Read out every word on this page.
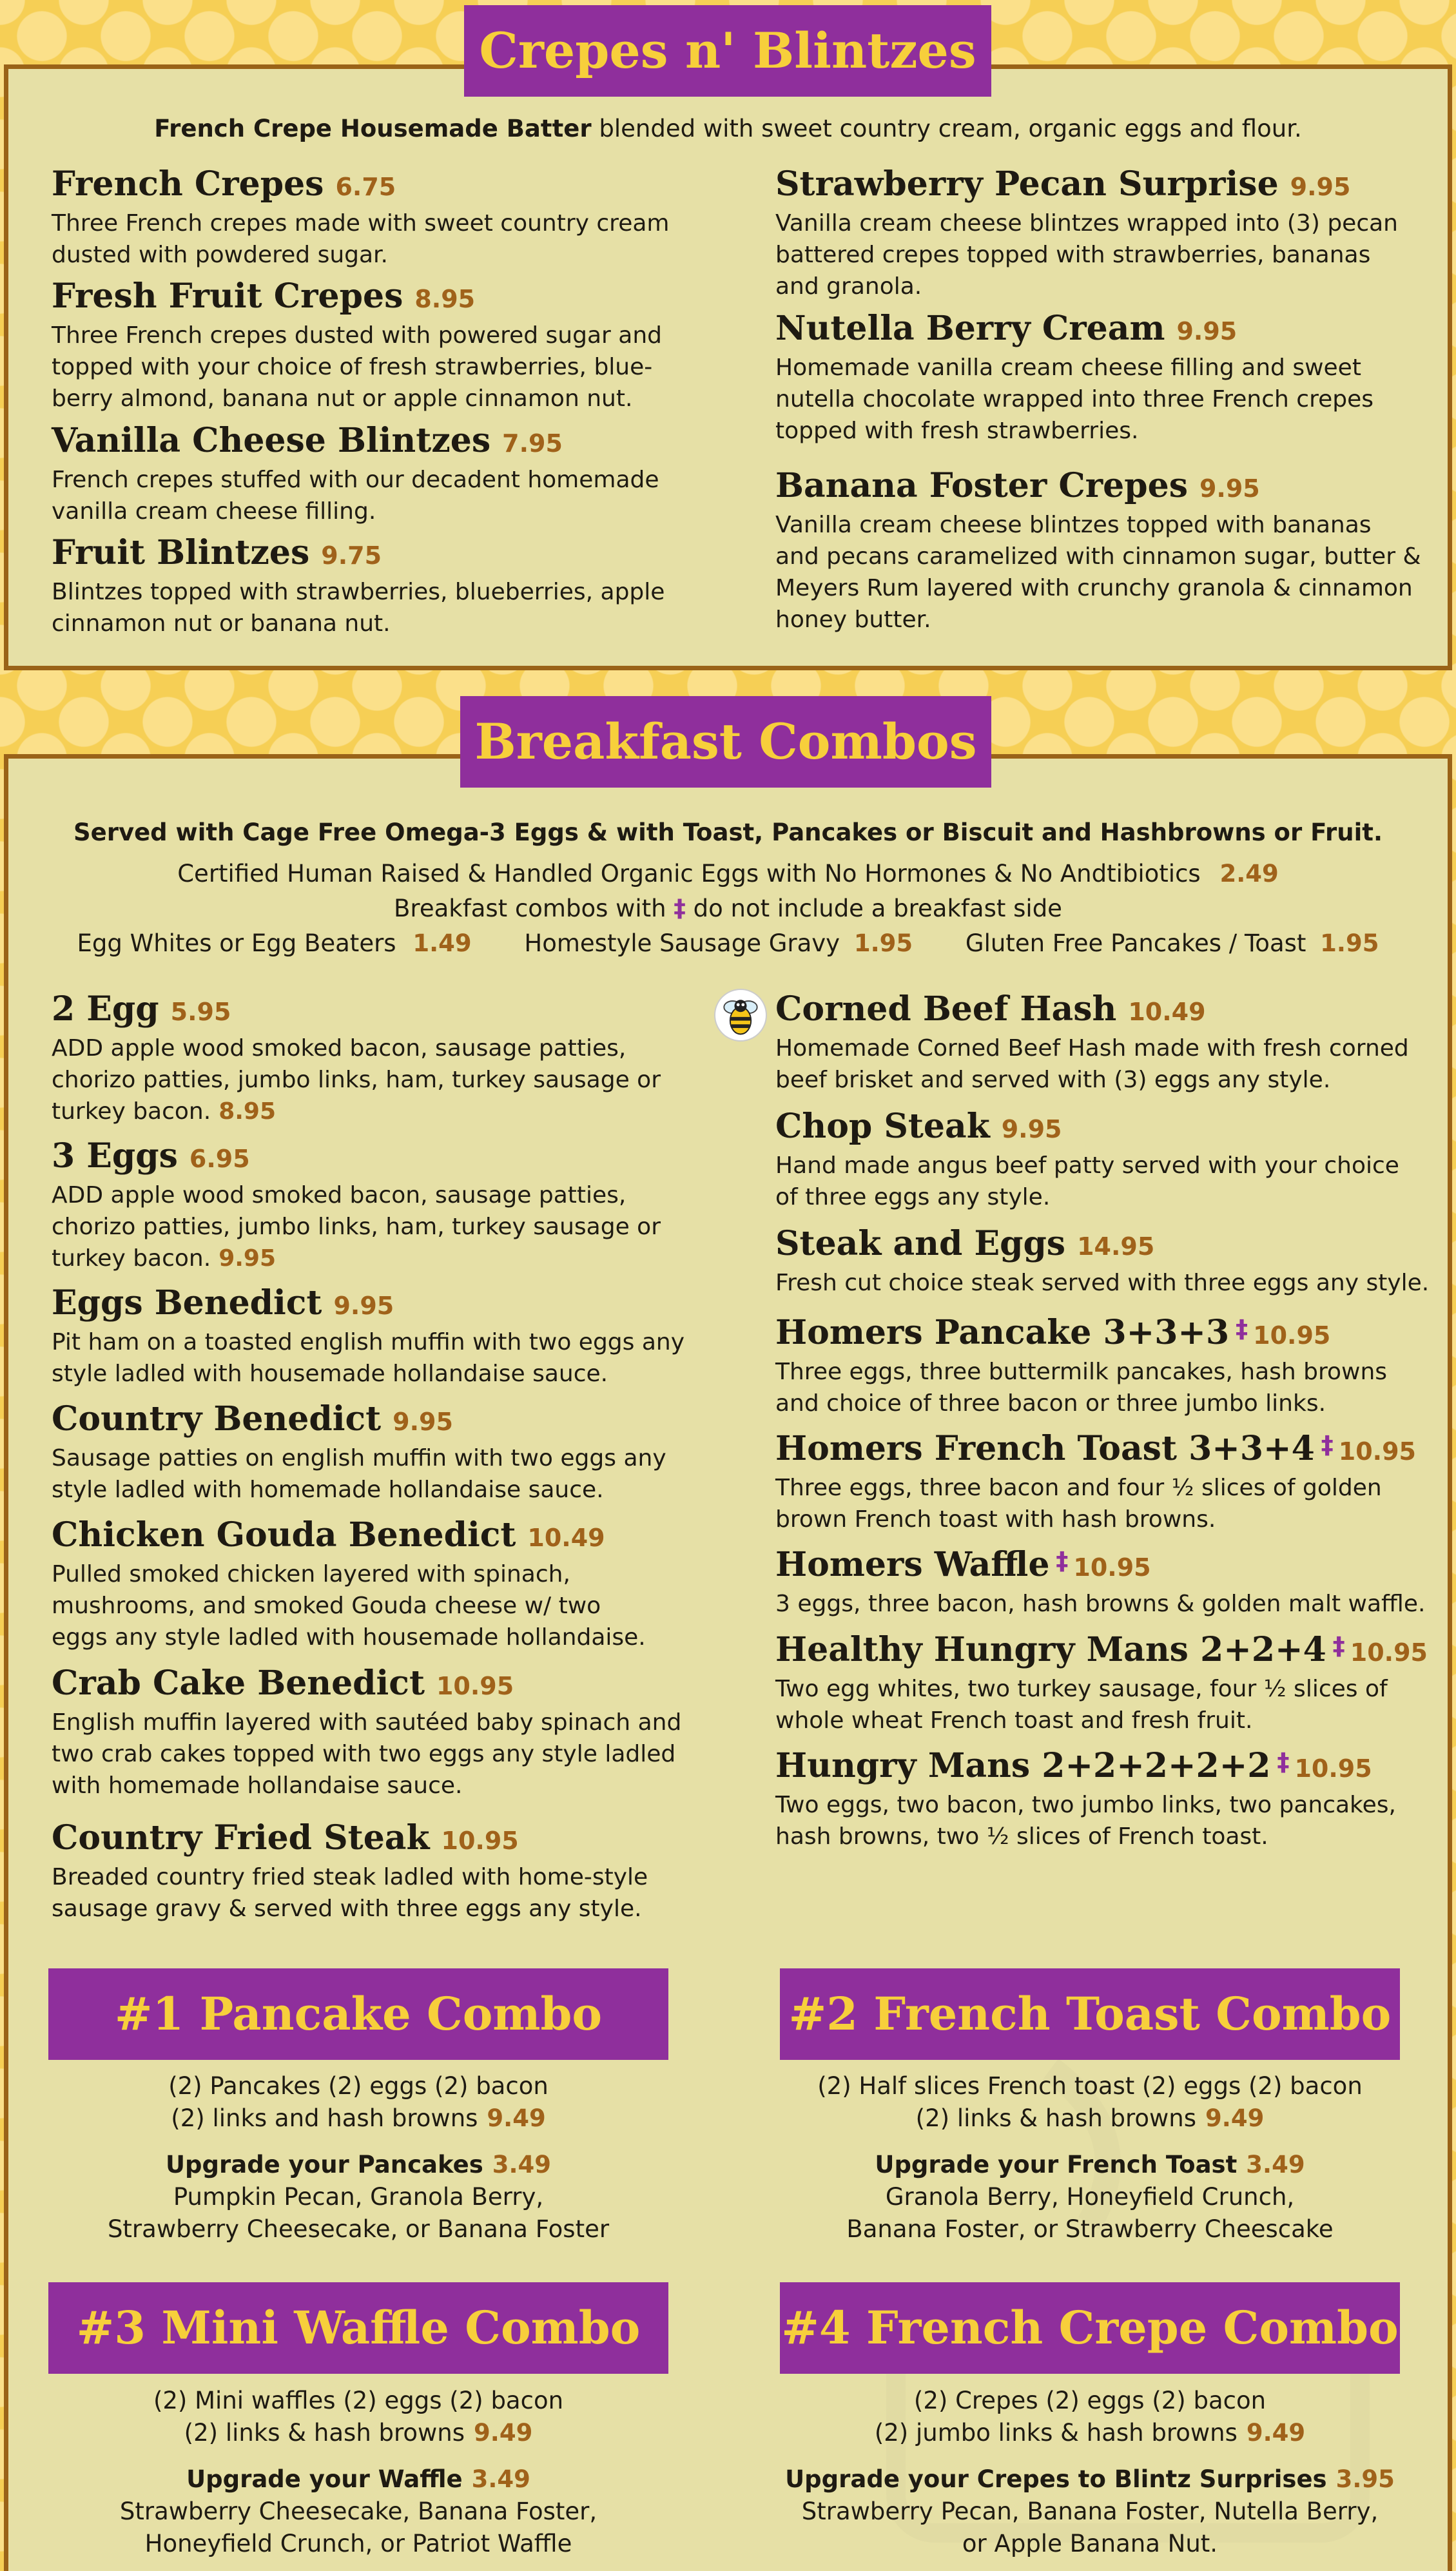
Crepes n' Blintzes
French Crepe Housemade Batter blended with sweet country cream, organic eggs and flour.
French Crepes 6.75
Three French crepes made with sweet country cream
dusted with powdered sugar.
Fresh Fruit Crepes 8.95
Three French crepes dusted with powered sugar and
topped with your choice of fresh strawberries, blue-
berry almond, banana nut or apple cinnamon nut.
Vanilla Cheese Blintzes 7.95
French crepes stuffed with our decadent homemade
vanilla cream cheese filling.
Fruit Blintzes 9.75
Blintzes topped with strawberries, blueberries, apple
cinnamon nut or banana nut.
Strawberry Pecan Surprise 9.95
Vanilla cream cheese blintzes wrapped into (3) pecan
battered crepes topped with strawberries, bananas
and granola.
Nutella Berry Cream 9.95
Homemade vanilla cream cheese filling and sweet
nutella chocolate wrapped into three French crepes
topped with fresh strawberries.
Banana Foster Crepes 9.95
Vanilla cream cheese blintzes topped with bananas
and pecans caramelized with cinnamon sugar, butter &
Meyers Rum layered with crunchy granola & cinnamon
honey butter.
Breakfast Combos
Served with Cage Free Omega-3 Eggs & with Toast, Pancakes or Biscuit and Hashbrowns or Fruit.
Certified Human Raised & Handled Organic Eggs with No Hormones & No Andtibiotics 2.49
Breakfast combos with ‡ do not include a breakfast side
Egg Whites or Egg Beaters 1.49 Homestyle Sausage Gravy 1.95 Gluten Free Pancakes / Toast 1.95
2 Egg 5.95
ADD apple wood smoked bacon, sausage patties,
chorizo patties, jumbo links, ham, turkey sausage or
turkey bacon. 8.95
3 Eggs 6.95
ADD apple wood smoked bacon, sausage patties,
chorizo patties, jumbo links, ham, turkey sausage or
turkey bacon. 9.95
Eggs Benedict 9.95
Pit ham on a toasted english muffin with two eggs any
style ladled with housemade hollandaise sauce.
Country Benedict 9.95
Sausage patties on english muffin with two eggs any
style ladled with homemade hollandaise sauce.
Chicken Gouda Benedict 10.49
Pulled smoked chicken layered with spinach,
mushrooms, and smoked Gouda cheese w/ two
eggs any style ladled with housemade hollandaise.
Crab Cake Benedict 10.95
English muffin layered with sautéed baby spinach and
two crab cakes topped with two eggs any style ladled
with homemade hollandaise sauce.
Country Fried Steak 10.95
Breaded country fried steak ladled with home-style
sausage gravy & served with three eggs any style.
Corned Beef Hash 10.49
Homemade Corned Beef Hash made with fresh corned
beef brisket and served with (3) eggs any style.
Chop Steak 9.95
Hand made angus beef patty served with your choice
of three eggs any style.
Steak and Eggs 14.95
Fresh cut choice steak served with three eggs any style.
Homers Pancake 3+3+3 ‡ 10.95
Three eggs, three buttermilk pancakes, hash browns
and choice of three bacon or three jumbo links.
Homers French Toast 3+3+4 ‡ 10.95
Three eggs, three bacon and four ½ slices of golden
brown French toast with hash browns.
Homers Waffle ‡ 10.95
3 eggs, three bacon, hash browns & golden malt waffle.
Healthy Hungry Mans 2+2+4 ‡ 10.95
Two egg whites, two turkey sausage, four ½ slices of
whole wheat French toast and fresh fruit.
Hungry Mans 2+2+2+2+2 ‡ 10.95
Two eggs, two bacon, two jumbo links, two pancakes,
hash browns, two ½ slices of French toast.
#1 Pancake Combo	#2 French Toast Combo
#3 Mini Waffle Combo	#4 French Crepe Combo
(2) Pancakes (2) eggs (2) bacon
(2) links and hash browns 9.49
Upgrade your Pancakes 3.49
Pumpkin Pecan, Granola Berry,
Strawberry Cheesecake, or Banana Foster
(2) Half slices French toast (2) eggs (2) bacon
(2) links & hash browns 9.49
Upgrade your French Toast 3.49
Granola Berry, Honeyfield Crunch,
Banana Foster, or Strawberry Cheescake
(2) Mini waffles (2) eggs (2) bacon
(2) links & hash browns 9.49
Upgrade your Waffle 3.49
Strawberry Cheesecake, Banana Foster,
Honeyfield Crunch, or Patriot Waffle
(2) Crepes (2) eggs (2) bacon
(2) jumbo links & hash browns 9.49
Upgrade your Crepes to Blintz Surprises 3.95
Strawberry Pecan, Banana Foster, Nutella Berry,
or Apple Banana Nut.
